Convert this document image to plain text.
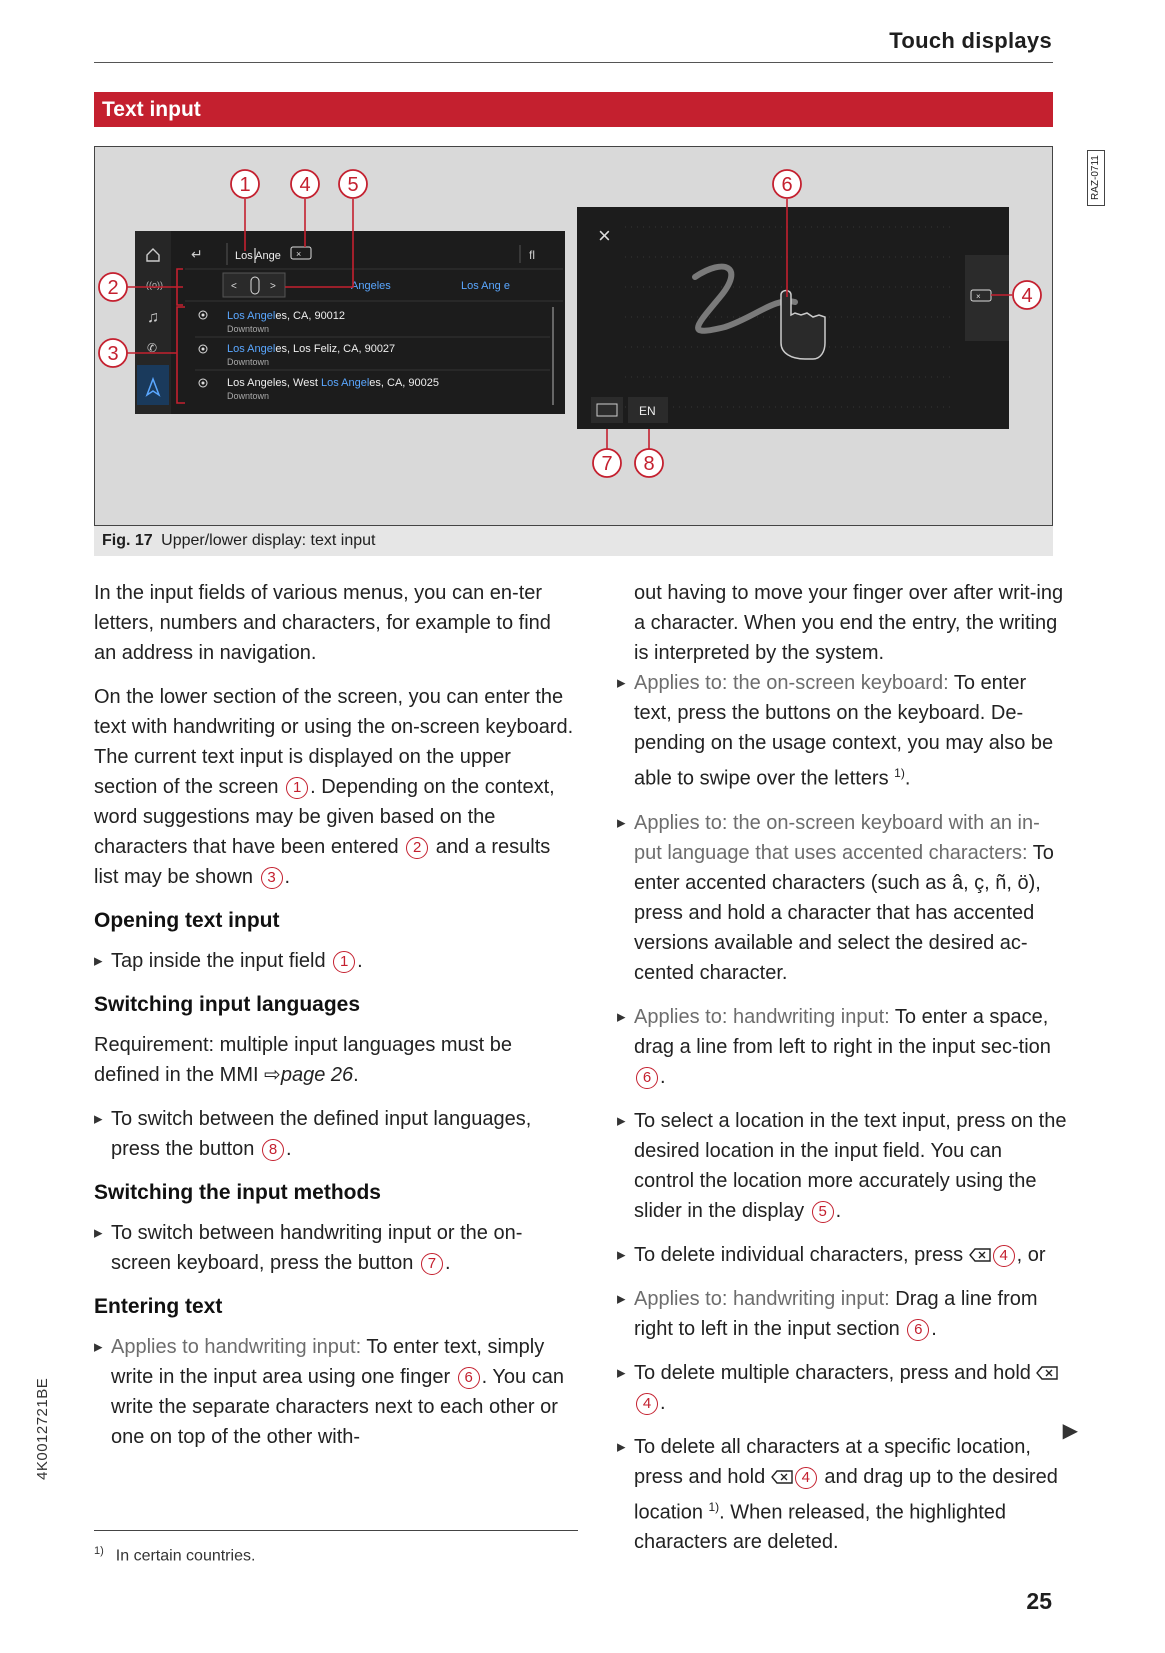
Touch displays
Text input
((o))
♫
✆
↵	Los Ange ×	ﬂ
<	>	Angeles	Los Ang e
Los Angeles, CA, 90012
Downtown
Los Angeles, Los Feliz, CA, 90027
Downtown
Los Angeles, West Los Angeles, CA, 90025
Downtown
×
×
EN
1 4 5
2
3
6
4
7 8
RAZ-0711
Fig. 17 Upper/lower display: text input

In the input fields of various menus, you can en-ter letters, numbers and characters, for example to find an address in navigation.

On the lower section of the screen, you can enter the text with handwriting or using the on-screen keyboard. The current text input is displayed on the upper section of the screen 1 . Depending on the context, word suggestions may be given based on the characters that have been entered 2 and a results list may be shown 3 .

Opening text input

▸ Tap inside the input field 1 .

Switching input languages

Requirement: multiple input languages must be defined in the MMI ⇨page 26.

▸ To switch between the defined input languages, press the button 8 .

Switching the input methods

▸ To switch between handwriting input or the on-screen keyboard, press the button 7 .

Entering text

▸ Applies to handwriting input: To enter text, simply write in the input area using one finger 6 . You can write the separate characters next to each other or one on top of the other with-

out having to move your finger over after writ-ing a character. When you end the entry, the writing is interpreted by the system.

▸ Applies to: the on-screen keyboard: To enter text, press the buttons on the keyboard. De-pending on the usage context, you may also be able to swipe over the letters $^{1)}$.

▸ Applies to: the on-screen keyboard with an in-put language that uses accented characters: To enter accented characters (such as â, ç, ñ, ö), press and hold a character that has accented versions available and select the desired ac-cented character.

▸ Applies to: handwriting input: To enter a space, drag a line from left to right in the input sec-tion 6 .

▸ To select a location in the text input, press on the desired location in the input field. You can control the location more accurately using the slider in the display 5 .

▸ To delete individual characters, press 4 , or

▸ Applies to: handwriting input: Drag a line from right to left in the input section 6 .

▸ To delete multiple characters, press and hold 4 .

▸ To delete all characters at a specific location, press and hold 4 and drag up to the desired location $^{1)}$. When released, the highlighted characters are deleted.

▶
$^{1)}$ In certain countries.
4K0012721BE
25
